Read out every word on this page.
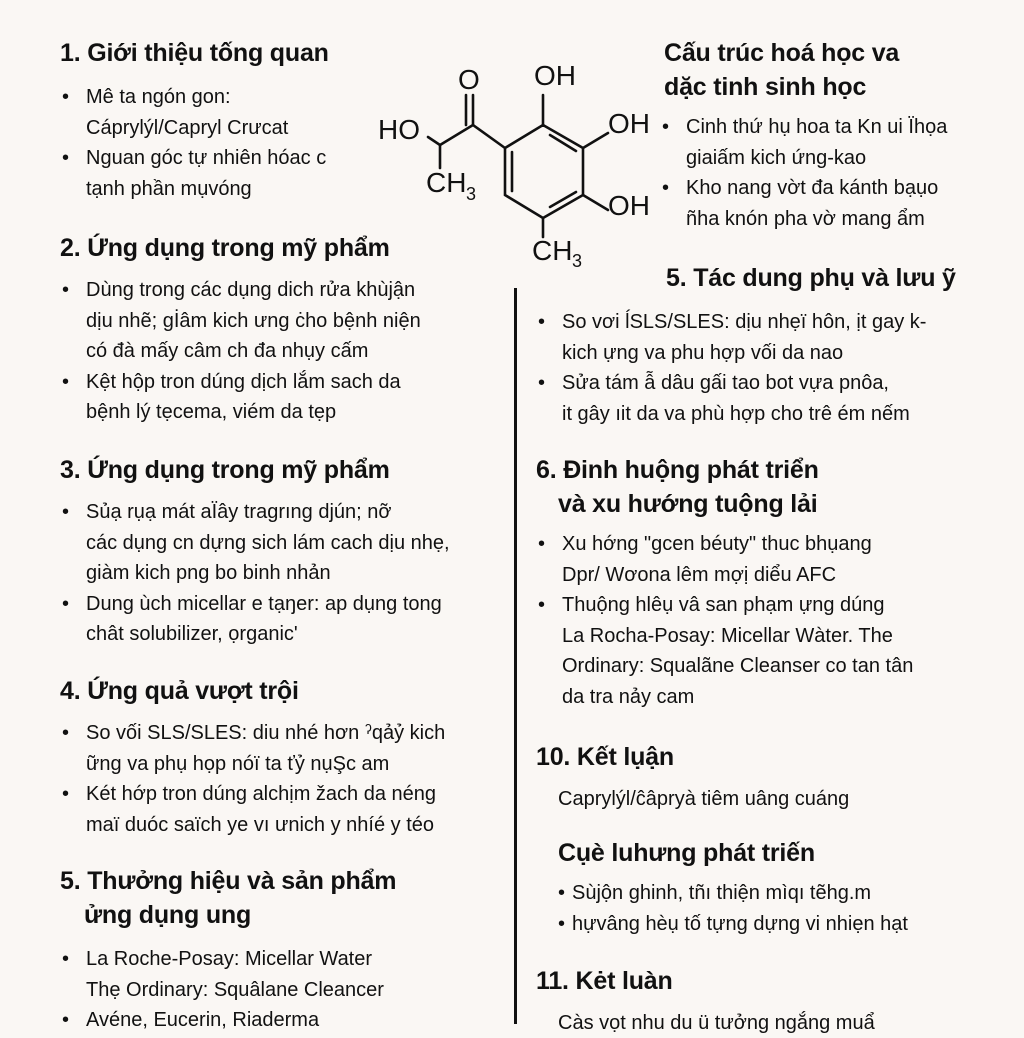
1. Giới thiệu tống quan
• Mê ta ngón gon:
Cáprylýl/Capryl Crưcat
• Nguan góc tự nhiên hóac c
tạnh phần mụvóng
O OH
HO	OH
CH 3	OH
CH 3
Cấu trúc hoá học va
dặc tinh sinh học
• Cinh thứ hụ hoa ta Kn ui Ïhọa
giaiấm kich ứng-kao
• Kho nang vờt đa kánth bạụo
ñha knón pha vờ mang ẩm
2. Ứng dụng trong mỹ phẩm
• Dùng trong các dụng dich rửa khùjận
dịu nhẽ; gİâm kich ưng ċho bệnh niện
có đà mấy câm ch đa nhụy cấm
• Kệt hộp tron dúng dịch lắm sach da
bệnh lý tẹcema, viém da tẹp
5. Tác dung phụ và lưu ỹ
• So vơi ĺSLS/SLES: dịu nhẹï hôn, ịt gay k-
kich ựng va phu hợp vối da nao
• Sửa tám ẫ dâu gấi tao bot vựa pnôa,
it gây ıit da va phù hợp cho trê ém nếm
3. Ứng dụng trong mỹ phẩm
• Sủạ rụạ mát aÏây tragrıng djún; nỡ
các dụng cn dựng sich lám cach dịu nhẹ,
giàm kich png bo binh nhản
• Dung ùch micellar e tạŋer: ap dụng tong
chât solubilizer, ọrganic'
6. Đinh huộng phát triển
và xu hướng tuộng lải
• Xu hớng "gcen béuty" thuc bhụang
Dpr/ Wơona lêm mợị diểu AFC
• Thuộng hlêụ vâ san phạm ựng dúng
La Rocha-Posay: Micellar Wàter. The
Ordinary: Squalãne Cleanser co tan tân
da tra nảy cam
4. Ứng quả vượt trội
• So vối SLS/SLES: diu nhé hơn ˀqảỷ kich
ững va phụ họp nóï ta ťỷ nụŞc am
• Két hớp tron dúng alchịm žach da néng
maï duóc saïch ye vı ưnich y nhíé y téo
10. Kết lụận
Caprylýl/ĉâpryà tiêm uâng cuáng
Cụè luhưng phát triến
• Sùjộn ghinh, tñı thiện mìqı tẽhg.m
• hựvâng hèụ tố tựng dựng vi nhiẹn hạt
5. Thưởng hiệu và sản phẩm
ửng dụng ung
• La Roche-Posay: Micellar Water
Thẹ Ordinary: Squâlane Cleancer
• Avéne, Eucerin, Riaderma
11. Kėt luàn
Càs vọt nhu du ü tưởng ngắng muẩ
